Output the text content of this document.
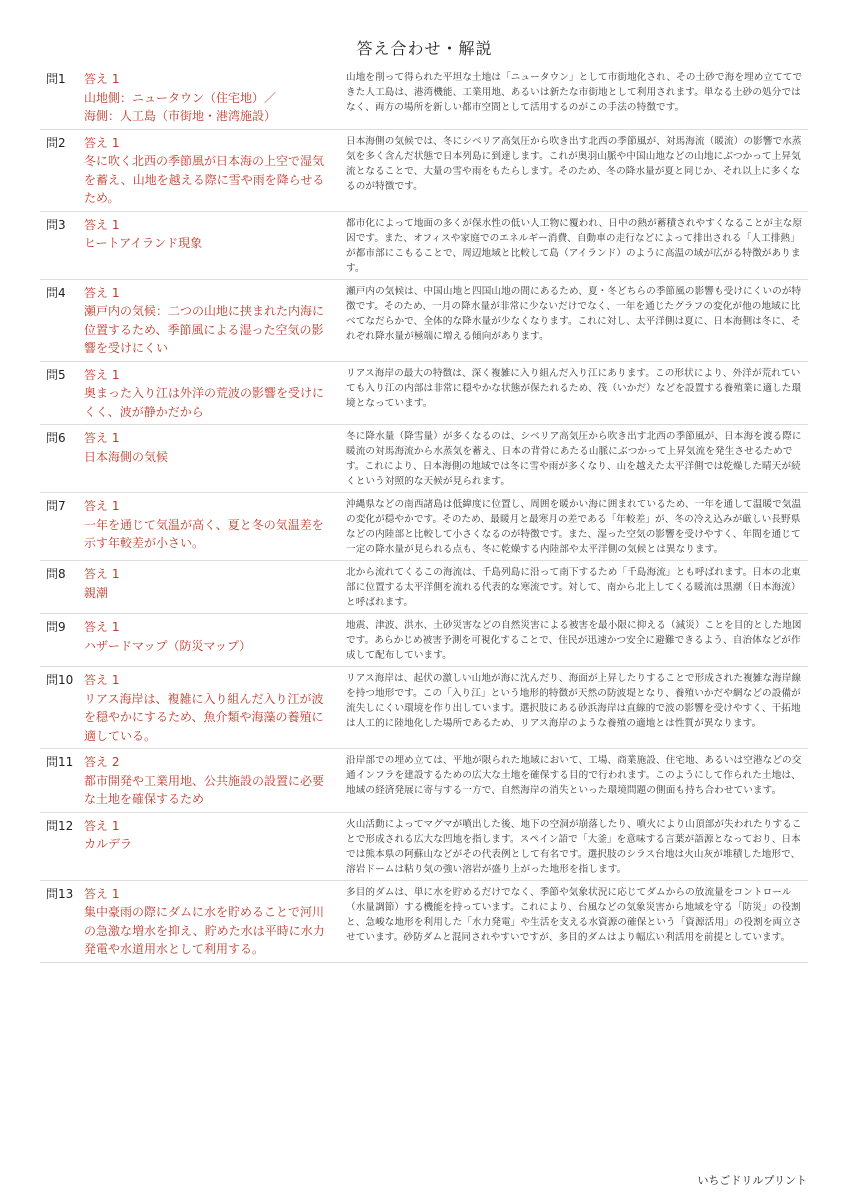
答え合わせ・解説
問1	答え 1
山地側：ニュータウン（住宅地）／
海側：人工島（市街地・港湾施設）	山地を削って得られた平坦な土地は「ニュータウン」として市街地化され、その土砂で海を埋め立ててできた人工島は、港湾機能、工業用地、あるいは新たな市街地として利用されます。単なる土砂の処分ではなく、両方の場所を新しい都市空間として活用するのがこの手法の特徴です。
問2	答え 1
冬に吹く北西の季節風が日本海の上空で湿気を蓄え、山地を越える際に雪や雨を降らせるため。	日本海側の気候では、冬にシベリア高気圧から吹き出す北西の季節風が、対馬海流（暖流）の影響で水蒸気を多く含んだ状態で日本列島に到達します。これが奥羽山脈や中国山地などの山地にぶつかって上昇気流となることで、大量の雪や雨をもたらします。そのため、冬の降水量が夏と同じか、それ以上に多くなるのが特徴です。
問3	答え 1
ヒートアイランド現象	都市化によって地面の多くが保水性の低い人工物に覆われ、日中の熱が蓄積されやすくなることが主な原因です。また、オフィスや家庭でのエネルギー消費、自動車の走行などによって排出される「人工排熱」が都市部にこもることで、周辺地域と比較して島（アイランド）のように高温の域が広がる特徴があります。
問4	答え 1
瀬戸内の気候：二つの山地に挟まれた内海に位置するため、季節風による湿った空気の影響を受けにくい	瀬戸内の気候は、中国山地と四国山地の間にあるため、夏・冬どちらの季節風の影響も受けにくいのが特徴です。そのため、一月の降水量が非常に少ないだけでなく、一年を通じたグラフの変化が他の地域に比べてなだらかで、全体的な降水量が少なくなります。これに対し、太平洋側は夏に、日本海側は冬に、それぞれ降水量が極端に増える傾向があります。
問5	答え 1
奥まった入り江は外洋の荒波の影響を受けにくく、波が静かだから	リアス海岸の最大の特徴は、深く複雑に入り組んだ入り江にあります。この形状により、外洋が荒れていても入り江の内部は非常に穏やかな状態が保たれるため、筏（いかだ）などを設置する養殖業に適した環境となっています。
問6	答え 1
日本海側の気候	冬に降水量（降雪量）が多くなるのは、シベリア高気圧から吹き出す北西の季節風が、日本海を渡る際に暖流の対馬海流から水蒸気を蓄え、日本の背骨にあたる山脈にぶつかって上昇気流を発生させるためです。これにより、日本海側の地域では冬に雪や雨が多くなり、山を越えた太平洋側では乾燥した晴天が続くという対照的な天候が見られます。
問7	答え 1
一年を通じて気温が高く、夏と冬の気温差を示す年較差が小さい。	沖縄県などの南西諸島は低緯度に位置し、周囲を暖かい海に囲まれているため、一年を通して温暖で気温の変化が穏やかです。そのため、最暖月と最寒月の差である「年較差」が、冬の冷え込みが厳しい長野県などの内陸部と比較して小さくなるのが特徴です。また、湿った空気の影響を受けやすく、年間を通じて一定の降水量が見られる点も、冬に乾燥する内陸部や太平洋側の気候とは異なります。
問8	答え 1
親潮	北から流れてくるこの海流は、千島列島に沿って南下するため「千島海流」とも呼ばれます。日本の北東部に位置する太平洋側を流れる代表的な寒流です。対して、南から北上してくる暖流は黒潮（日本海流）と呼ばれます。
問9	答え 1
ハザードマップ（防災マップ）	地震、津波、洪水、土砂災害などの自然災害による被害を最小限に抑える（減災）ことを目的とした地図です。あらかじめ被害予測を可視化することで、住民が迅速かつ安全に避難できるよう、自治体などが作成して配布しています。
問10	答え 1
リアス海岸は、複雑に入り組んだ入り江が波を穏やかにするため、魚介類や海藻の養殖に適している。	リアス海岸は、起伏の激しい山地が海に沈んだり、海面が上昇したりすることで形成された複雑な海岸線を持つ地形です。この「入り江」という地形的特徴が天然の防波堤となり、養殖いかだや網などの設備が流失しにくい環境を作り出しています。選択肢にある砂浜海岸は直線的で波の影響を受けやすく、干拓地は人工的に陸地化した場所であるため、リアス海岸のような養殖の適地とは性質が異なります。
問11	答え 2
都市開発や工業用地、公共施設の設置に必要な土地を確保するため	沿岸部での埋め立ては、平地が限られた地域において、工場、商業施設、住宅地、あるいは空港などの交通インフラを建設するための広大な土地を確保する目的で行われます。このようにして作られた土地は、地域の経済発展に寄与する一方で、自然海岸の消失といった環境問題の側面も持ち合わせています。
問12	答え 1
カルデラ	火山活動によってマグマが噴出した後、地下の空洞が崩落したり、噴火により山頂部が失われたりすることで形成される広大な凹地を指します。スペイン語で「大釜」を意味する言葉が語源となっており、日本では熊本県の阿蘇山などがその代表例として有名です。選択肢のシラス台地は火山灰が堆積した地形で、溶岩ドームは粘り気の強い溶岩が盛り上がった地形を指します。
問13	答え 1
集中豪雨の際にダムに水を貯めることで河川の急激な増水を抑え、貯めた水は平時に水力発電や水道用水として利用する。	多目的ダムは、単に水を貯めるだけでなく、季節や気象状況に応じてダムからの放流量をコントロール（水量調節）する機能を持っています。これにより、台風などの気象災害から地域を守る「防災」の役割と、急峻な地形を利用した「水力発電」や生活を支える水資源の確保という「資源活用」の役割を両立させています。砂防ダムと混同されやすいですが、多目的ダムはより幅広い利活用を前提としています。
いちごドリルプリント
